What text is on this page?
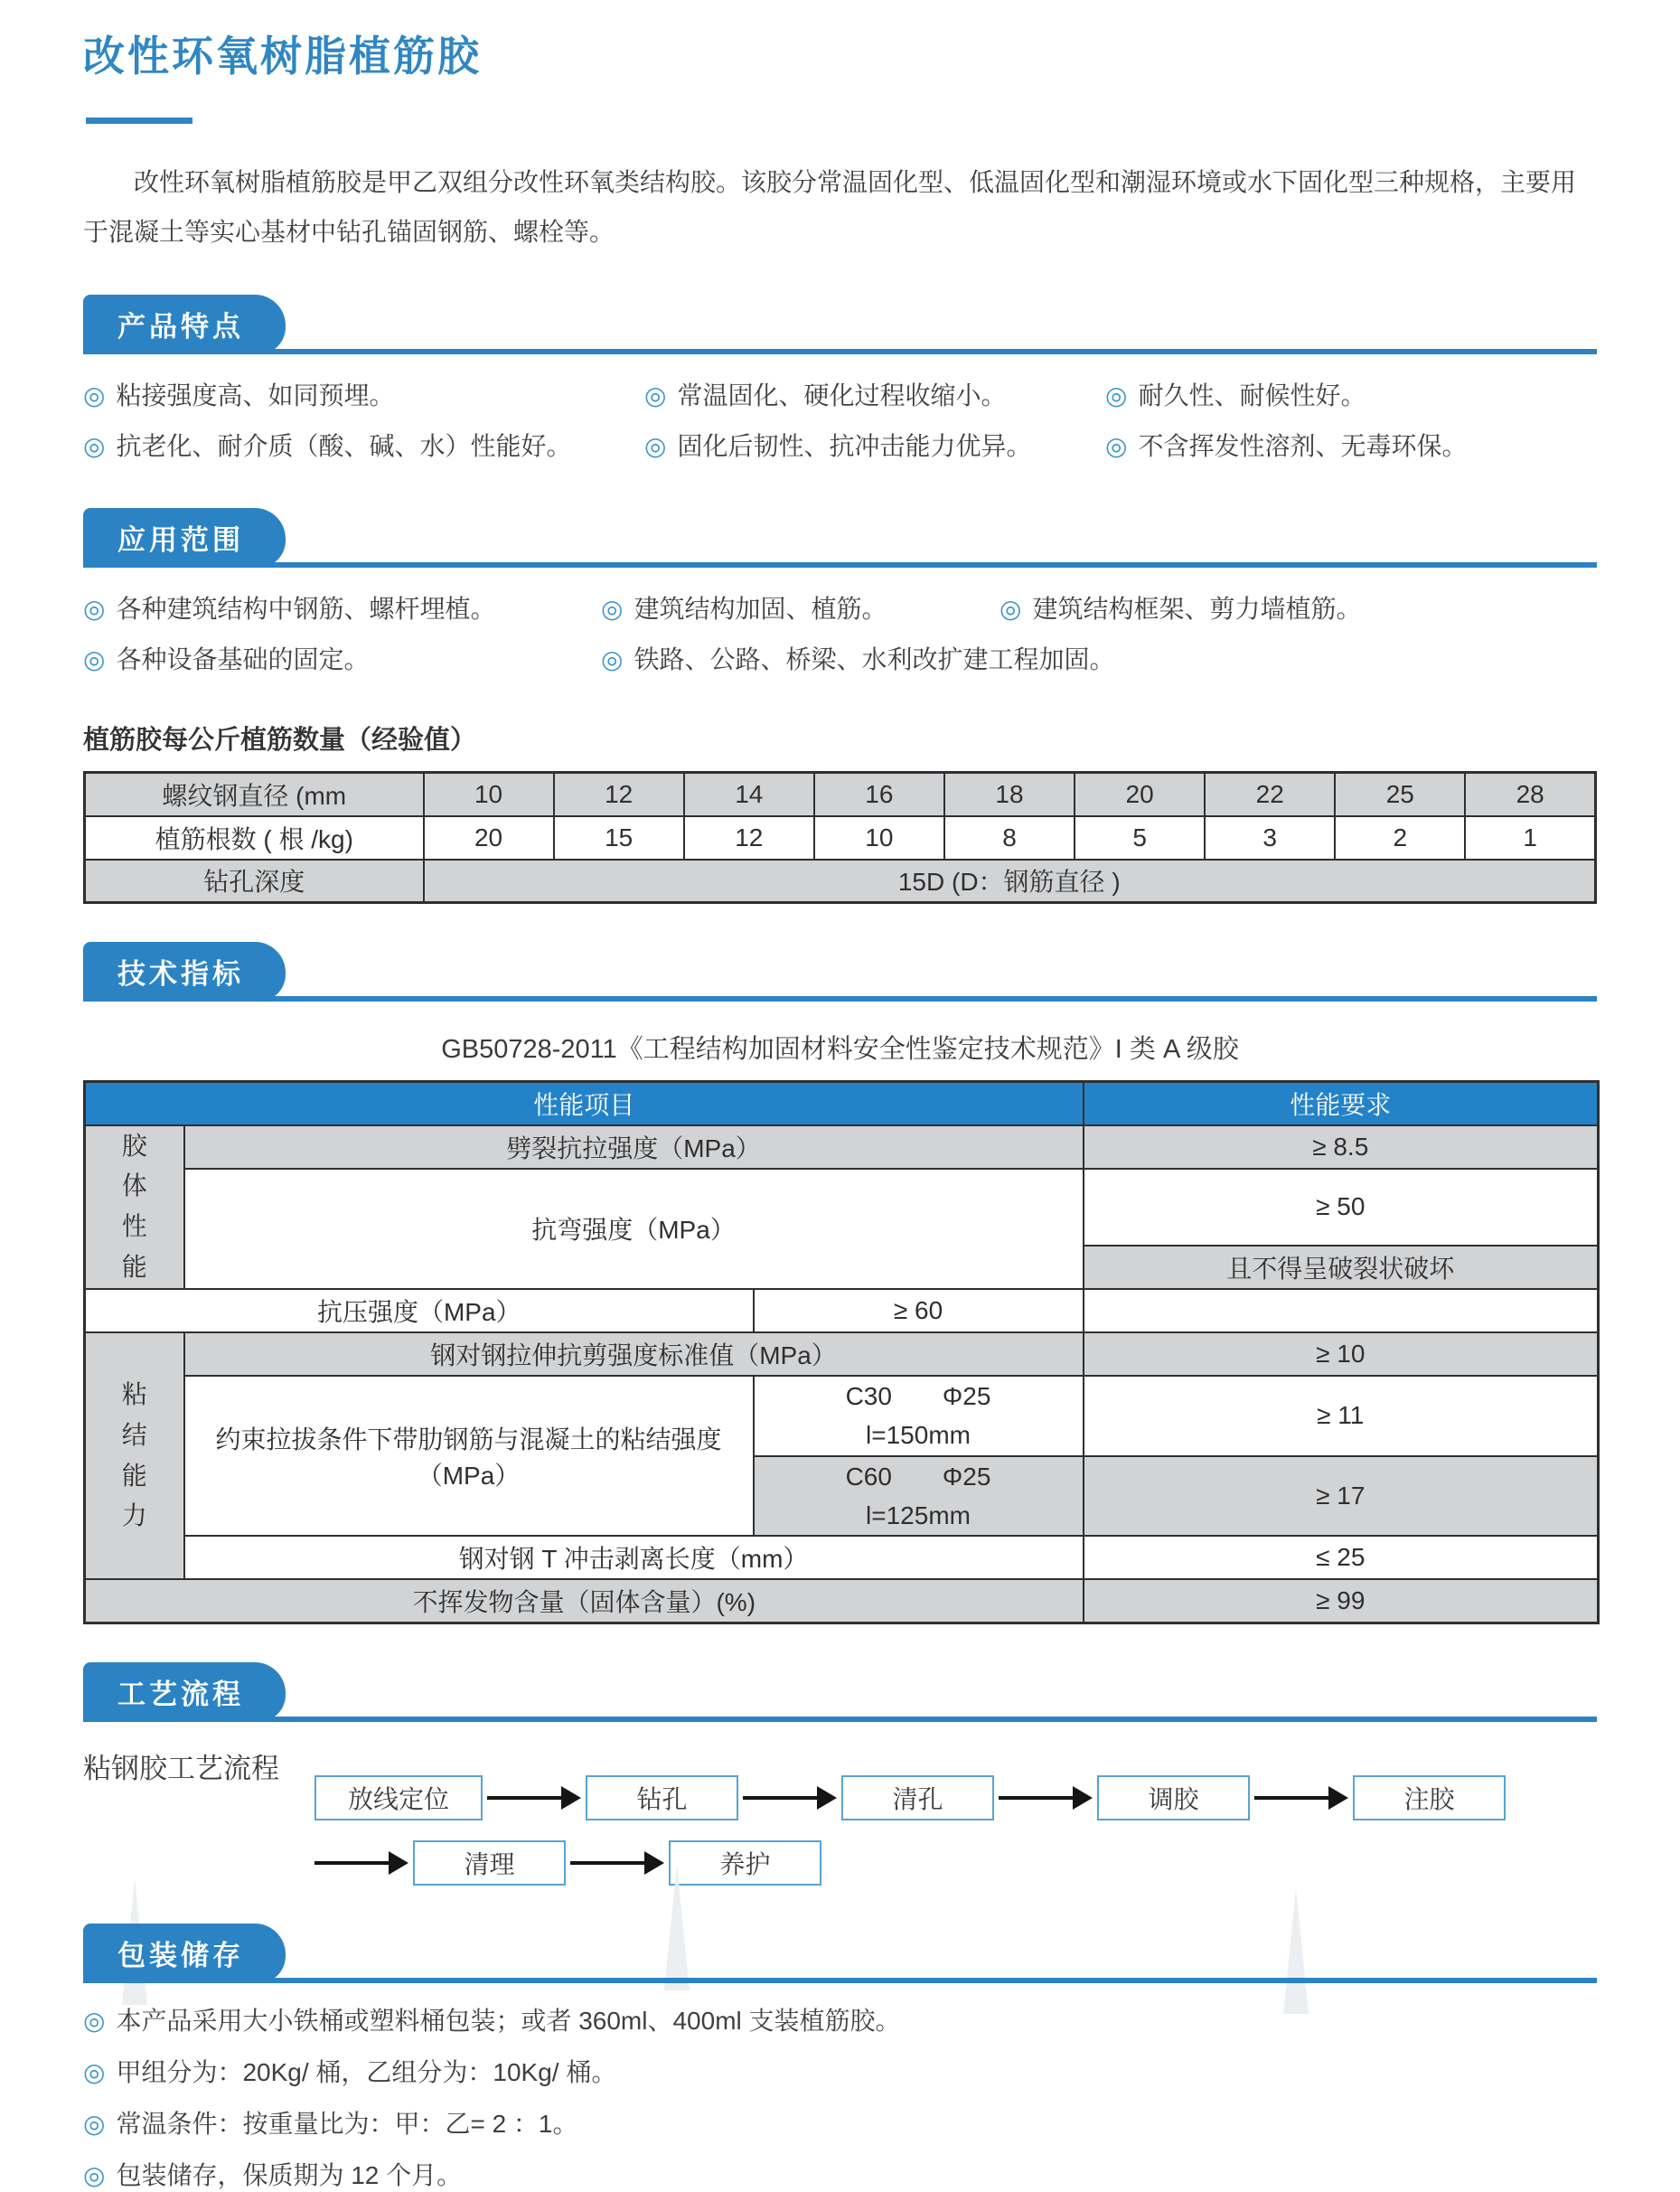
改性环氧树脂植筋胶

改性环氧树脂植筋胶是甲乙双组分改性环氧类结构胶。该胶分常温固化型、低温固化型和潮湿环境或水下固化型三种规格，主要用于混凝土等实心基材中钻孔锚固钢筋、螺栓等。

产品特点
◎ 粘接强度高、如同预埋。	◎ 常温固化、硬化过程收缩小。	◎ 耐久性、耐候性好。
◎ 抗老化、耐介质（酸、碱、水）性能好。	◎ 固化后韧性、抗冲击能力优异。	◎ 不含挥发性溶剂、无毒环保。
应用范围
◎ 各种建筑结构中钢筋、螺杆埋植。	◎ 建筑结构加固、植筋。	◎ 建筑结构框架、剪力墙植筋。
◎ 各种设备基础的固定。	◎ 铁路、公路、桥梁、水利改扩建工程加固。
植筋胶每公斤植筋数量（经验值）
螺纹钢直径 (mm	10	12	14	16	18	20	22	25	28
植筋根数 ( 根 /kg)	20	15	12	10	8	5	3	2	1
钻孔深度	15D (D：钢筋直径 )								
技术指标
GB50728-2011《工程结构加固材料安全性鉴定技术规范》I 类 A 级胶
性能项目			性能要求
胶体性能	劈裂抗拉强度（MPa）		≥ 8.5
	抗弯强度（MPa）		≥ 50
			且不得呈破裂状破坏
抗压强度（MPa）		≥ 60	
粘结能力	钢对钢拉伸抗剪强度标准值（MPa）		≥ 10
	约束拉拔条件下带肋钢筋与混凝土的粘结强度（MPa）	C30　　Φ25
l=150mm	≥ 11

		C60　　Φ25
l=125mm	≥ 17
	钢对钢 T 冲击剥离长度（mm）		≤ 25
不挥发物含量（固体含量）(%)			≥ 99
工艺流程
粘钢胶工艺流程
放线定位	钻孔	清孔	调胶	注胶
清理	养护
包装储存
◎ 本产品采用大小铁桶或塑料桶包装；或者 360ml、400ml 支装植筋胶。
◎ 甲组分为：20Kg/ 桶，乙组分为：10Kg/ 桶。
◎ 常温条件：按重量比为：甲：乙= 2 ：1。
◎ 包装储存，保质期为 12 个月。
